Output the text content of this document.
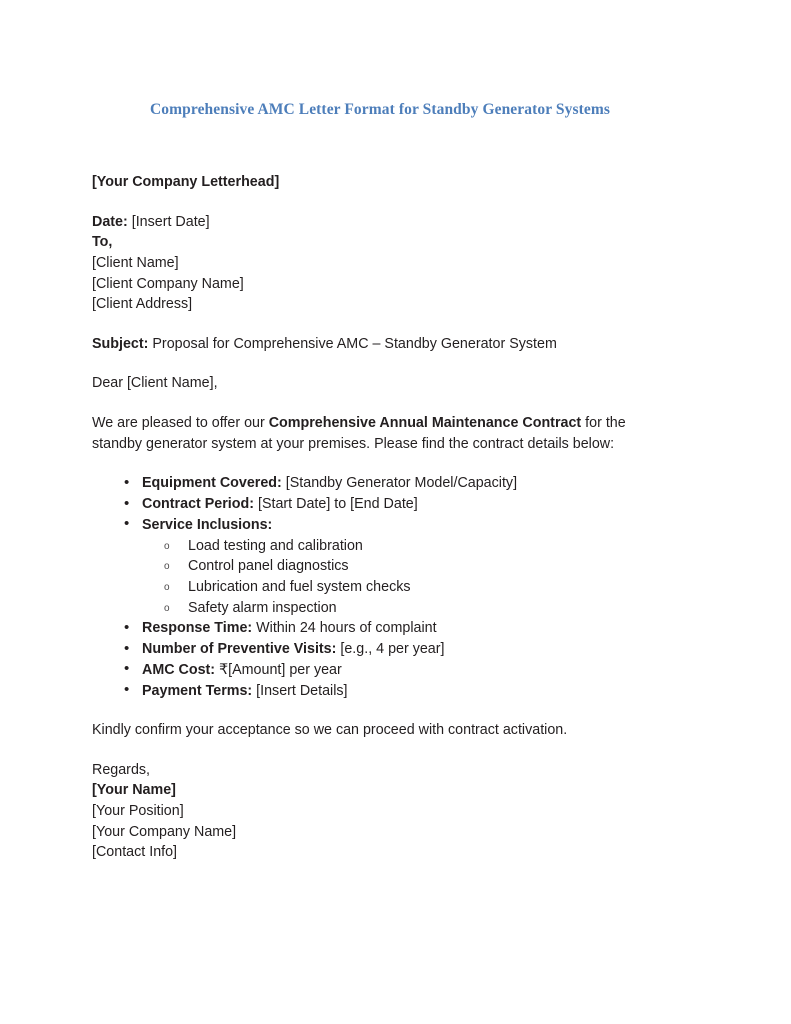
Comprehensive AMC Letter Format for Standby Generator Systems
[Your Company Letterhead]
Date: [Insert Date]
To,
[Client Name]
[Client Company Name]
[Client Address]
Subject: Proposal for Comprehensive AMC – Standby Generator System
Dear [Client Name],

We are pleased to offer our Comprehensive Annual Maintenance Contract for the standby generator system at your premises. Please find the contract details below:

• Equipment Covered: [Standby Generator Model/Capacity]
• Contract Period: [Start Date] to [End Date]
• Service Inclusions:
o Load testing and calibration
o Control panel diagnostics
o Lubrication and fuel system checks
o Safety alarm inspection
• Response Time: Within 24 hours of complaint
• Number of Preventive Visits: [e.g., 4 per year]
• AMC Cost: ₹[Amount] per year
• Payment Terms: [Insert Details]
Kindly confirm your acceptance so we can proceed with contract activation.
Regards,
[Your Name]
[Your Position]
[Your Company Name]
[Contact Info]
